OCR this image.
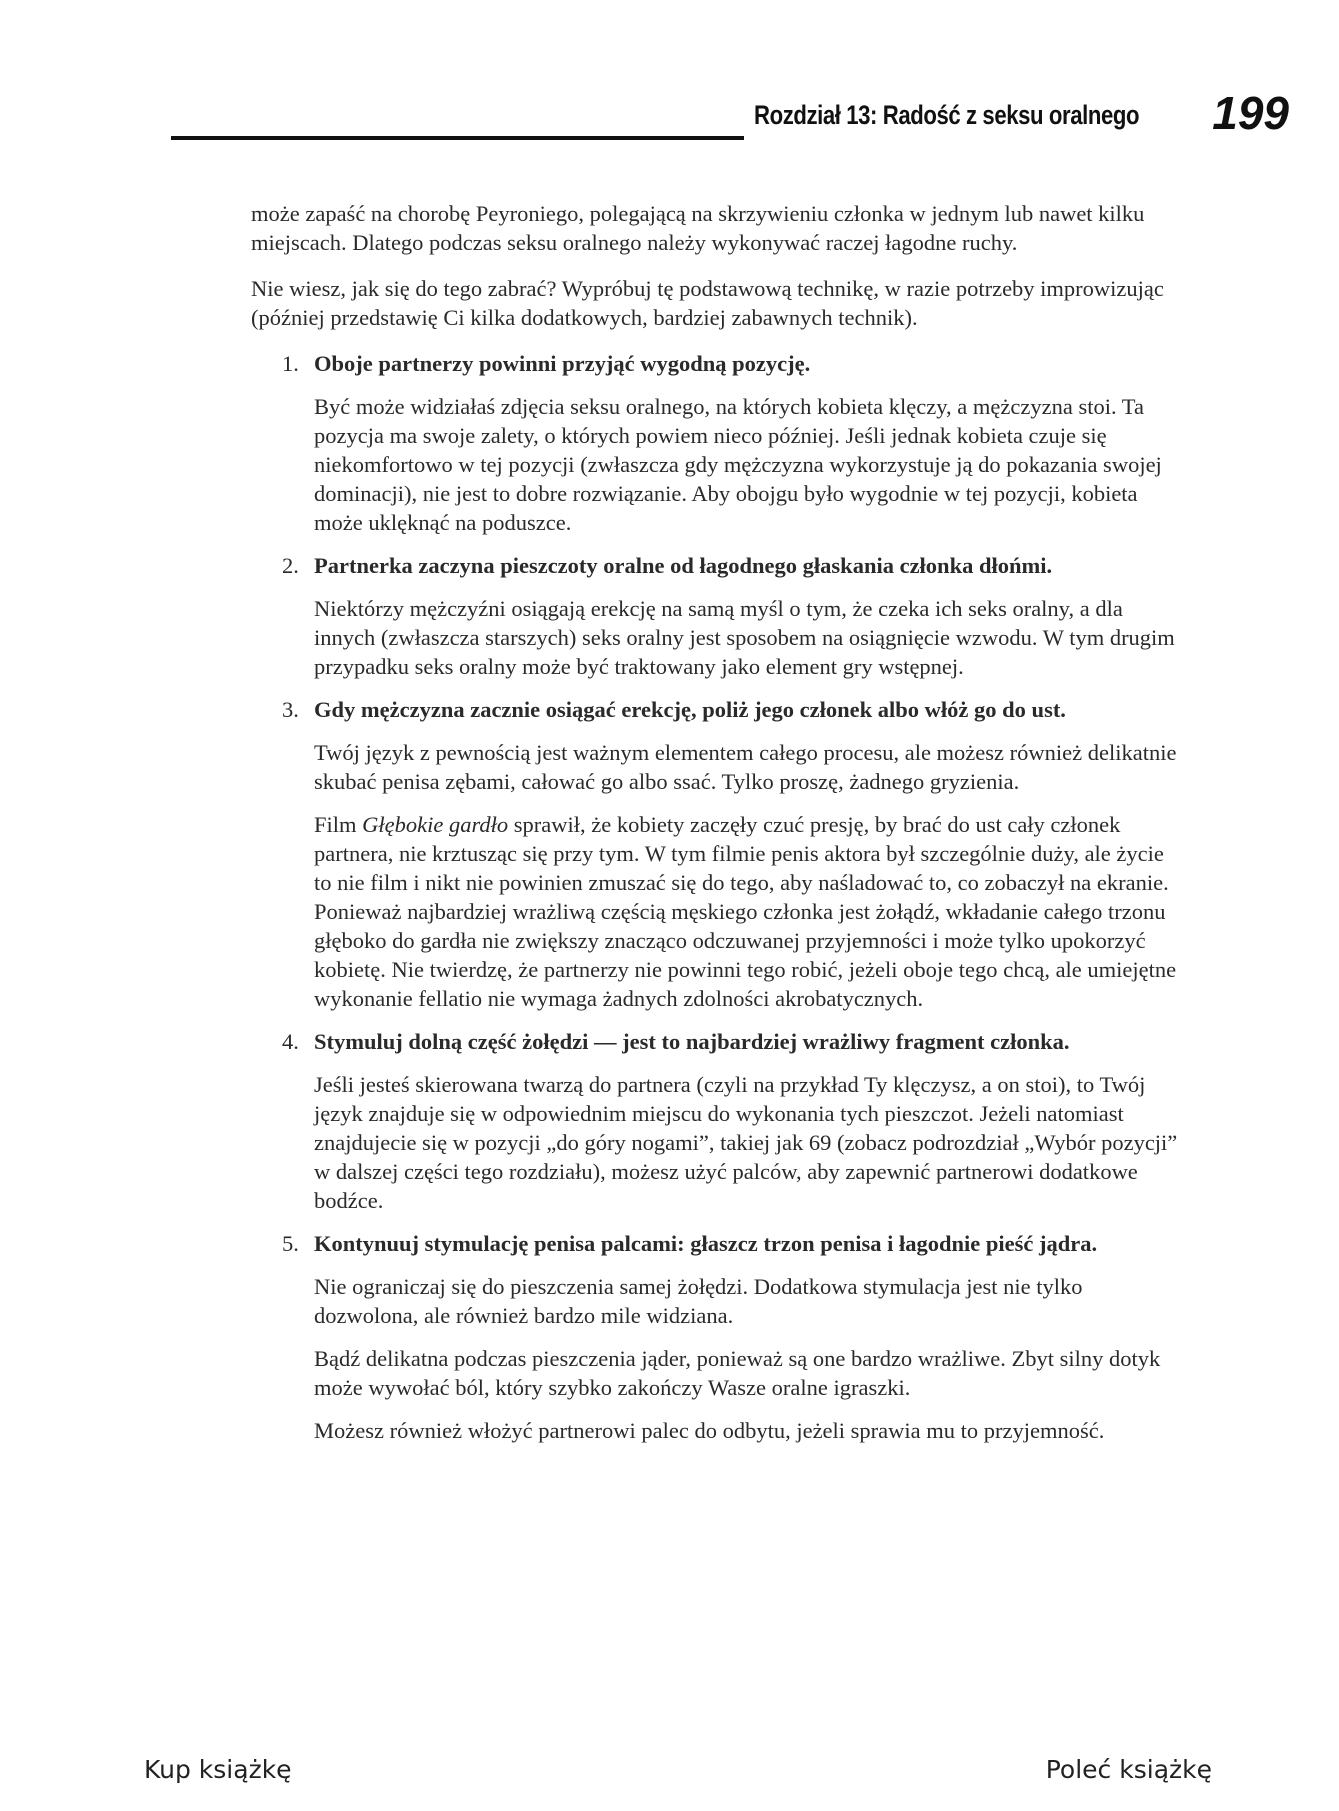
Rozdział 13: Radość z seksu oralnego 199

może zapaść na chorobę Peyroniego, polegającą na skrzywieniu członka w jednym lub nawet kilku miejscach. Dlatego podczas seksu oralnego należy wykonywać raczej łagodne ruchy.

Nie wiesz, jak się do tego zabrać? Wypróbuj tę podstawową technikę, w razie potrzeby improwizując (później przedstawię Ci kilka dodatkowych, bardziej zabawnych technik).

1. Oboje partnerzy powinni przyjąć wygodną pozycję.

Być może widziałaś zdjęcia seksu oralnego, na których kobieta klęczy, a mężczyzna stoi. Ta pozycja ma swoje zalety, o których powiem nieco później. Jeśli jednak kobieta czuje się niekomfortowo w tej pozycji (zwłaszcza gdy mężczyzna wykorzystuje ją do pokazania swojej dominacji), nie jest to dobre rozwiązanie. Aby obojgu było wygodnie w tej pozycji, kobieta może uklęknąć na poduszce.

2. Partnerka zaczyna pieszczoty oralne od łagodnego głaskania członka dłońmi.

Niektórzy mężczyźni osiągają erekcję na samą myśl o tym, że czeka ich seks oralny, a dla innych (zwłaszcza starszych) seks oralny jest sposobem na osiągnięcie wzwodu. W tym drugim przypadku seks oralny może być traktowany jako element gry wstępnej.

3. Gdy mężczyzna zacznie osiągać erekcję, poliż jego członek albo włóż go do ust.

Twój język z pewnością jest ważnym elementem całego procesu, ale możesz również delikatnie skubać penisa zębami, całować go albo ssać. Tylko proszę, żadnego gryzienia.

Film Głębokie gardło sprawił, że kobiety zaczęły czuć presję, by brać do ust cały członek partnera, nie krztusząc się przy tym. W tym filmie penis aktora był szczególnie duży, ale życie to nie film i nikt nie powinien zmuszać się do tego, aby naśladować to, co zobaczył na ekranie. Ponieważ najbardziej wrażliwą częścią męskiego członka jest żołądź, wkładanie całego trzonu głęboko do gardła nie zwiększy znacząco odczuwanej przyjemności i może tylko upokorzyć kobietę. Nie twierdzę, że partnerzy nie powinni tego robić, jeżeli oboje tego chcą, ale umiejętne wykonanie fellatio nie wymaga żadnych zdolności akrobatycznych.

4. Stymuluj dolną część żołędzi — jest to najbardziej wrażliwy fragment członka.

Jeśli jesteś skierowana twarzą do partnera (czyli na przykład Ty klęczysz, a on stoi), to Twój język znajduje się w odpowiednim miejscu do wykonania tych pieszczot. Jeżeli natomiast znajdujecie się w pozycji „do góry nogami”, takiej jak 69 (zobacz podrozdział „Wybór pozycji” w dalszej części tego rozdziału), możesz użyć palców, aby zapewnić partnerowi dodatkowe bodźce.

5. Kontynuuj stymulację penisa palcami: głaszcz trzon penisa i łagodnie pieść jądra.

Nie ograniczaj się do pieszczenia samej żołędzi. Dodatkowa stymulacja jest nie tylko dozwolona, ale również bardzo mile widziana.

Bądź delikatna podczas pieszczenia jąder, ponieważ są one bardzo wrażliwe. Zbyt silny dotyk może wywołać ból, który szybko zakończy Wasze oralne igraszki.

Możesz również włożyć partnerowi palec do odbytu, jeżeli sprawia mu to przyjemność.

Kup książkę	Poleć książkę
